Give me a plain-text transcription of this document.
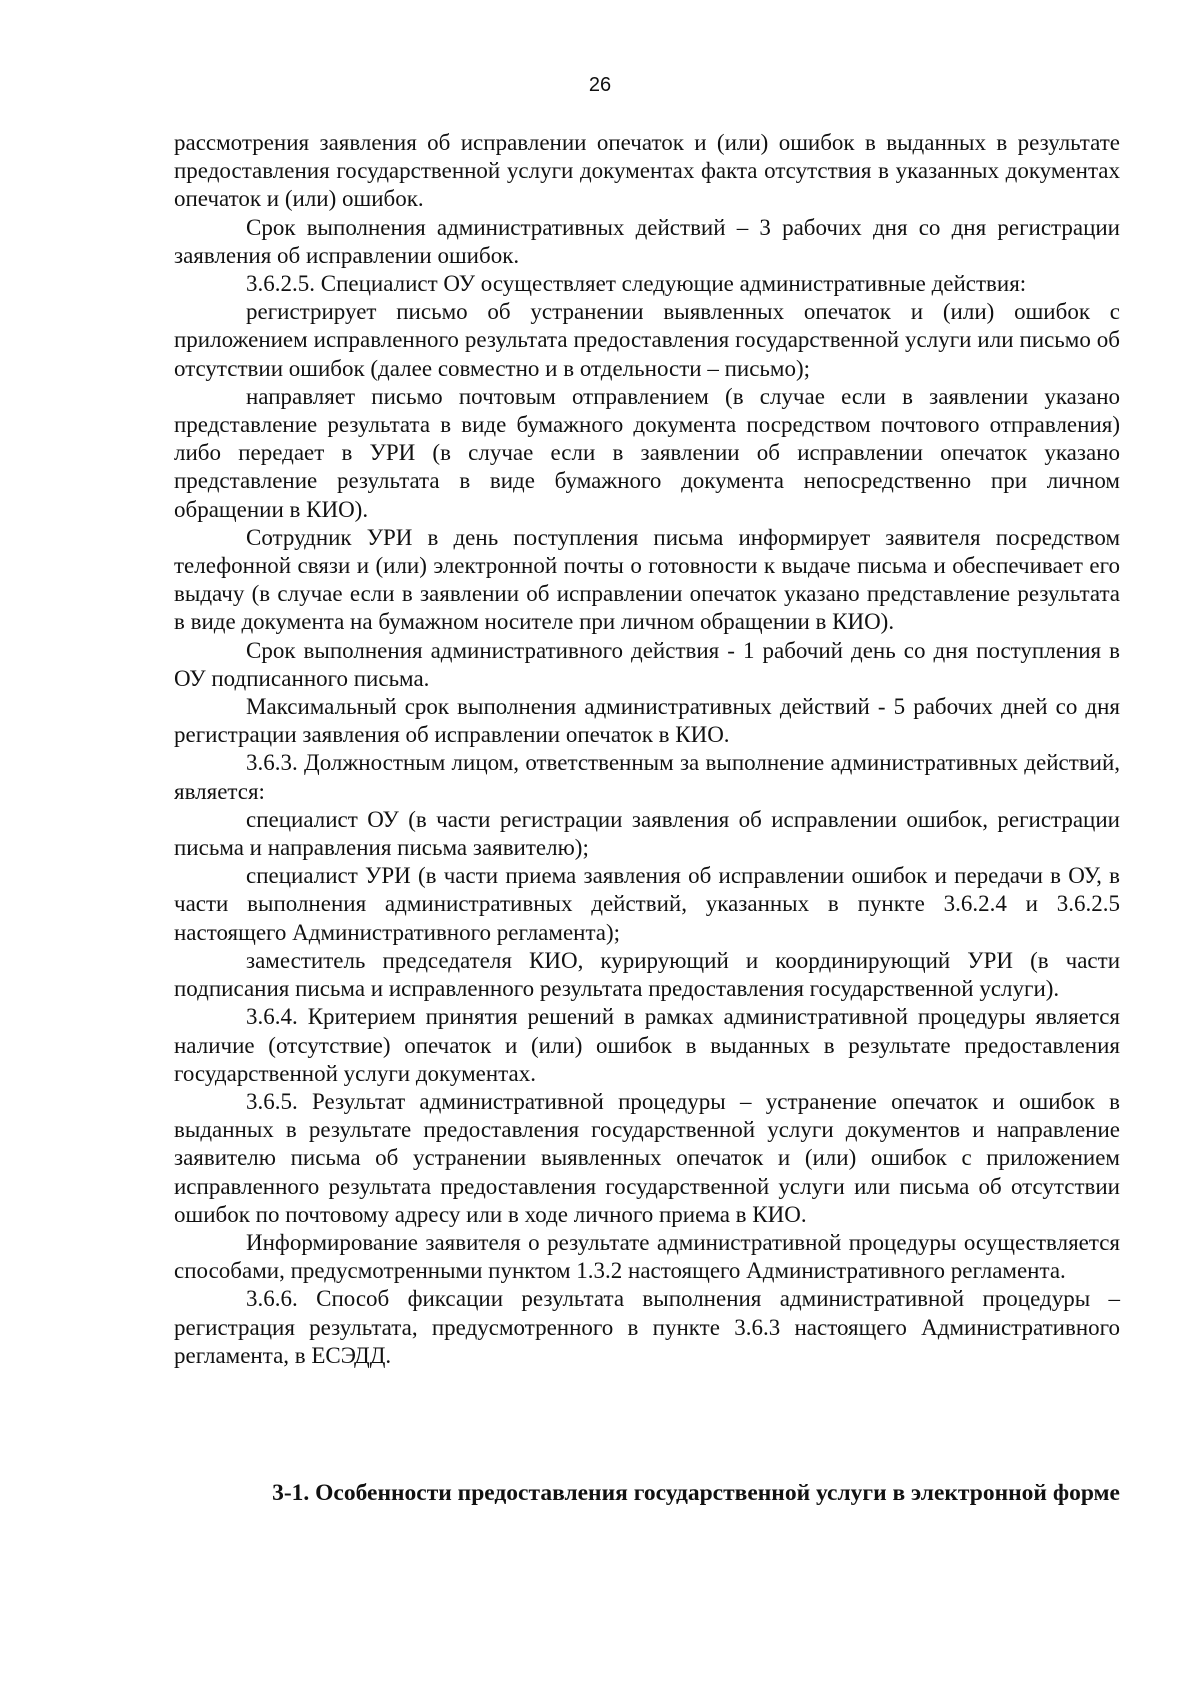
26

рассмотрения заявления об исправлении опечаток и (или) ошибок в выданных в результате предоставления государственной услуги документах факта отсутствия в указанных документах опечаток и (или) ошибок.

Срок выполнения административных действий – 3 рабочих дня со дня регистрации заявления об исправлении ошибок.

3.6.2.5. Специалист ОУ осуществляет следующие административные действия:

регистрирует письмо об устранении выявленных опечаток и (или) ошибок с приложением исправленного результата предоставления государственной услуги или письмо об отсутствии ошибок (далее совместно и в отдельности – письмо);

направляет письмо почтовым отправлением (в случае если в заявлении указано представление результата в виде бумажного документа посредством почтового отправления) либо передает в УРИ (в случае если в заявлении об исправлении опечаток указано представление результата в виде бумажного документа непосредственно при личном обращении в КИО).

Сотрудник УРИ в день поступления письма информирует заявителя посредством телефонной связи и (или) электронной почты о готовности к выдаче письма и обеспечивает его выдачу (в случае если в заявлении об исправлении опечаток указано представление результата в виде документа на бумажном носителе при личном обращении в КИО).

Срок выполнения административного действия - 1 рабочий день со дня поступления в ОУ подписанного письма.

Максимальный срок выполнения административных действий - 5 рабочих дней со дня регистрации заявления об исправлении опечаток в КИО.

3.6.3. Должностным лицом, ответственным за выполнение административных действий, является:

специалист ОУ (в части регистрации заявления об исправлении ошибок, регистрации письма и направления письма заявителю);

специалист УРИ (в части приема заявления об исправлении ошибок и передачи в ОУ, в части выполнения административных действий, указанных в пункте 3.6.2.4 и 3.6.2.5 настоящего Административного регламента);

заместитель председателя КИО, курирующий и координирующий УРИ (в части подписания письма и исправленного результата предоставления государственной услуги).

3.6.4. Критерием принятия решений в рамках административной процедуры является наличие (отсутствие) опечаток и (или) ошибок в выданных в результате предоставления государственной услуги документах.

3.6.5. Результат административной процедуры – устранение опечаток и ошибок в выданных в результате предоставления государственной услуги документов и направление заявителю письма об устранении выявленных опечаток и (или) ошибок с приложением исправленного результата предоставления государственной услуги или письма об отсутствии ошибок по почтовому адресу или в ходе личного приема в КИО.

Информирование заявителя о результате административной процедуры осуществляется способами, предусмотренными пунктом 1.3.2 настоящего Административного регламента.

3.6.6. Способ фиксации результата выполнения административной процедуры – регистрация результата, предусмотренного в пункте 3.6.3 настоящего Административного регламента, в ЕСЭДД.

3-1. Особенности предоставления государственной услуги в электронной форме
